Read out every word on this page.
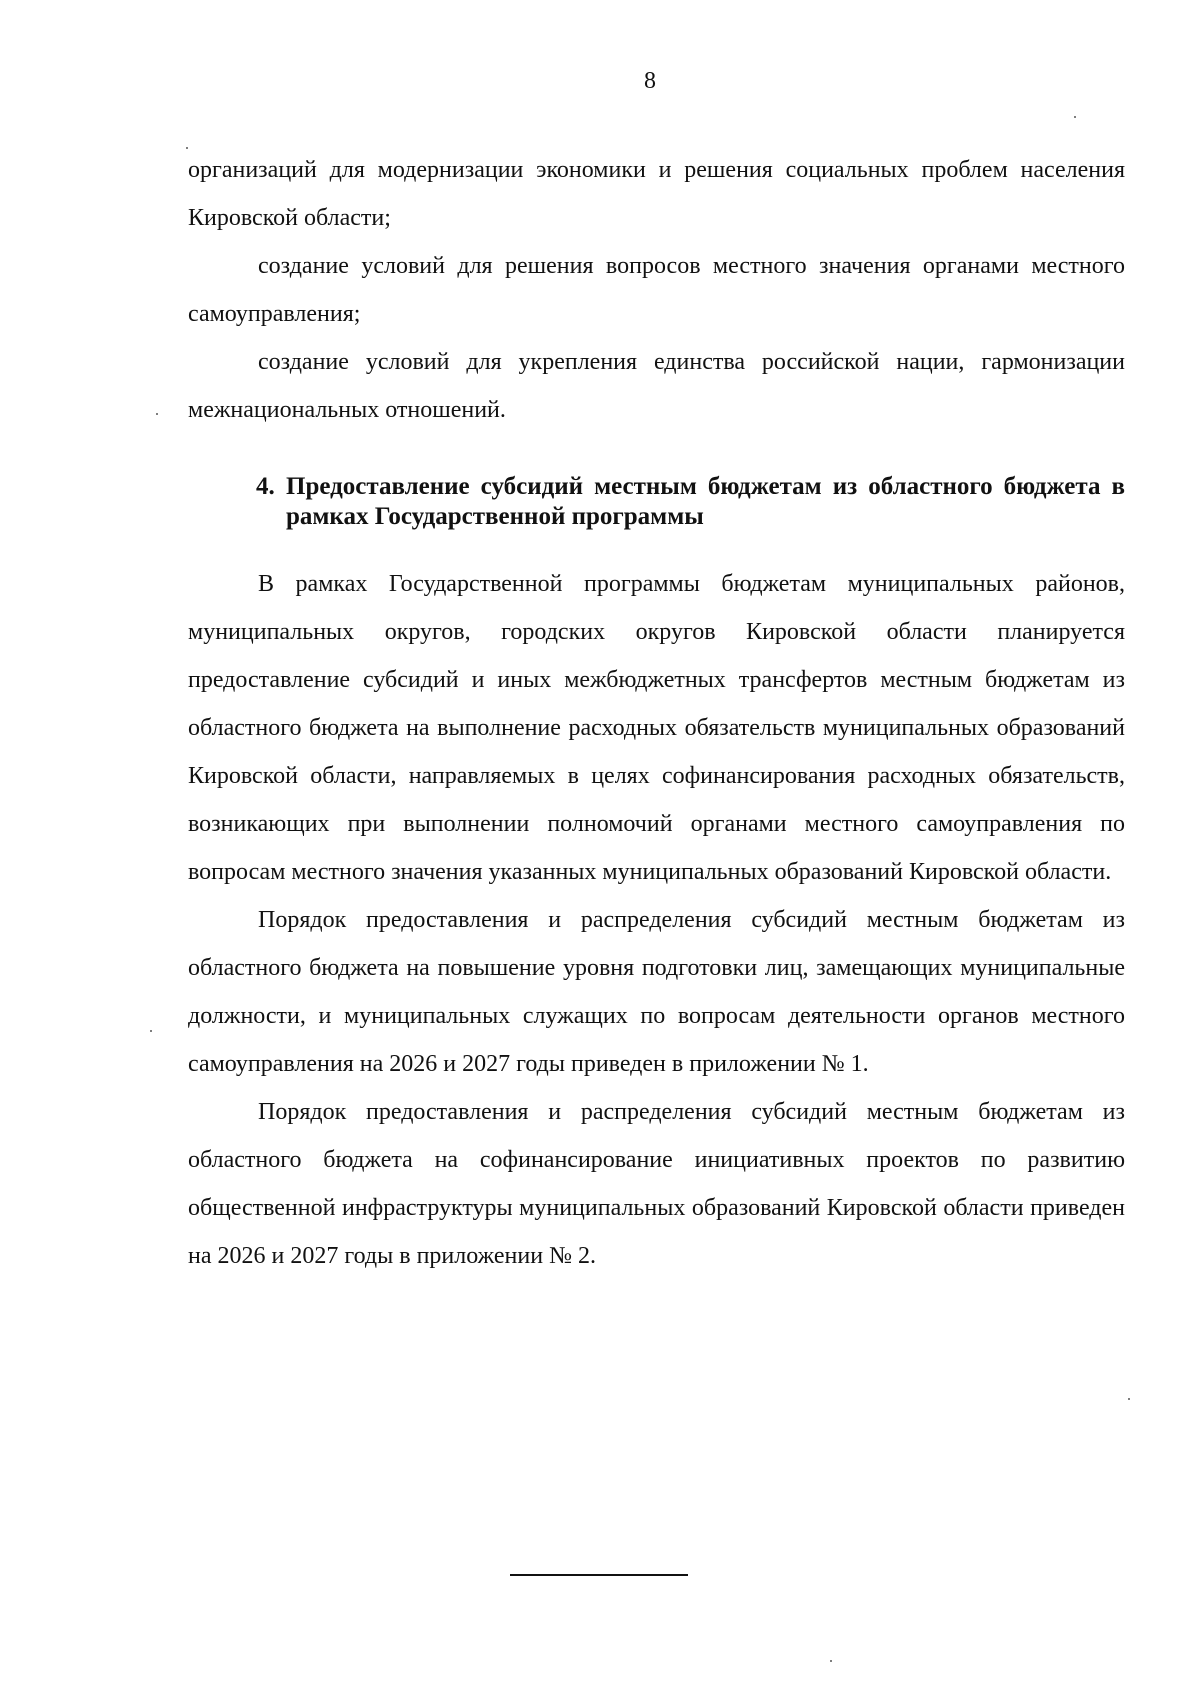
8

организаций для модернизации экономики и решения социальных проблем населения Кировской области;

создание условий для решения вопросов местного значения органами местного самоуправления;

создание условий для укрепления единства российской нации, гармонизации межнациональных отношений.

4. Предоставление субсидий местным бюджетам из областного бюджета в рамках Государственной программы

В рамках Государственной программы бюджетам муниципальных районов, муниципальных округов, городских округов Кировской области планируется предоставление субсидий и иных межбюджетных трансфертов местным бюджетам из областного бюджета на выполнение расходных обязательств муниципальных образований Кировской области, направляемых в целях софинансирования расходных обязательств, возникающих при выполнении полномочий органами местного самоуправления по вопросам местного значения указанных муниципальных образований Кировской области.

Порядок предоставления и распределения субсидий местным бюджетам из областного бюджета на повышение уровня подготовки лиц, замещающих муниципальные должности, и муниципальных служащих по вопросам деятельности органов местного самоуправления на 2026 и 2027 годы приведен в приложении № 1.

Порядок предоставления и распределения субсидий местным бюджетам из областного бюджета на софинансирование инициативных проектов по развитию общественной инфраструктуры муниципальных образований Кировской области приведен на 2026 и 2027 годы в приложении № 2.
